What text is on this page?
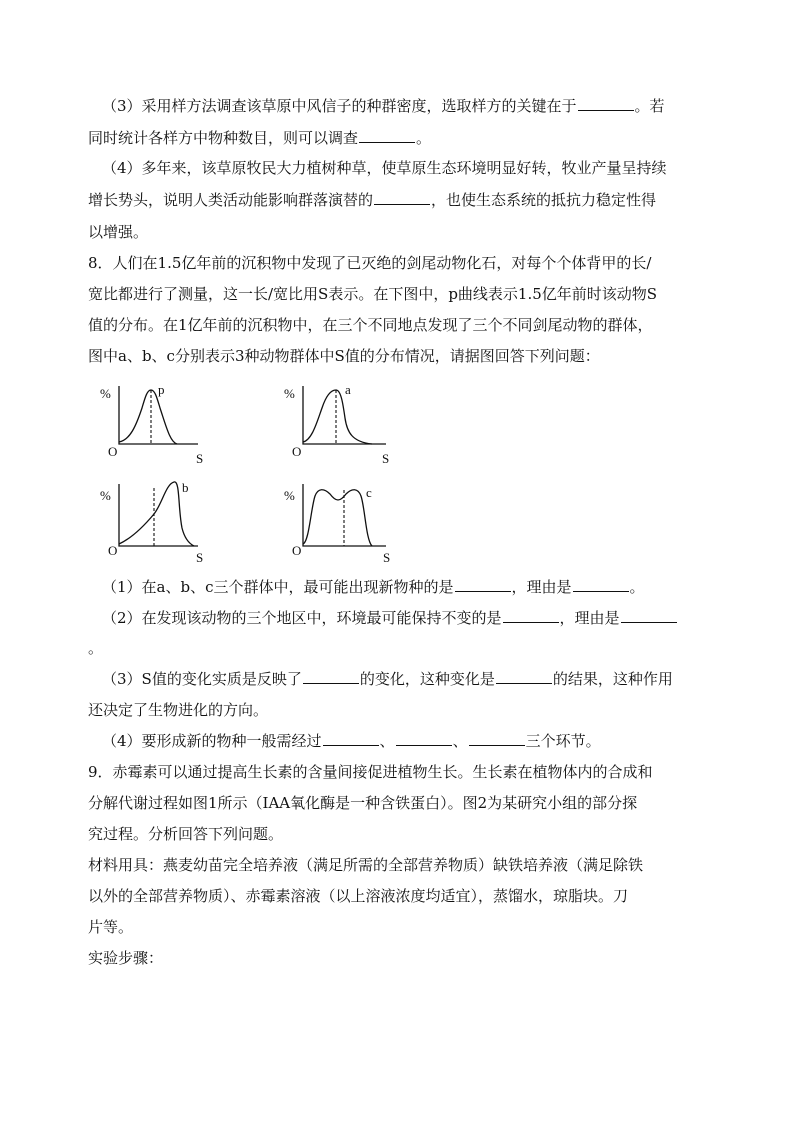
（3）采用样方法调查该草原中风信子的种群密度，选取样方的关键在于	。若
同时统计各样方中物种数目，则可以调查	。
（4）多年来，该草原牧民大力植树种草，使草原生态环境明显好转，牧业产量呈持续
增长势头，说明人类活动能影响群落演替的	，也使生态系统的抵抗力稳定性得
以增强。
8．人们在1.5亿年前的沉积物中发现了已灭绝的剑尾动物化石，对每个个体背甲的长/
宽比都进行了测量，这一长/宽比用S表示。在下图中，p曲线表示1.5亿年前时该动物S
值的分布。在1亿年前的沉积物中，在三个不同地点发现了三个不同剑尾动物的群体，
图中a、b、c分别表示3种动物群体中S值的分布情况，请据图回答下列问题：
%
O	S
p	%
O	S
a
%
O	S
b
%
O	S
c
（1）在a、b、c三个群体中，最可能出现新物种的是	，理由是	。
（2）在发现该动物的三个地区中，环境最可能保持不变的是	，理由是
。
（3）S值的变化实质是反映了	的变化，这种变化是	的结果，这种作用
还决定了生物进化的方向。
（4）要形成新的物种一般需经过	、	、	三个环节。
9．赤霉素可以通过提高生长素的含量间接促进植物生长。生长素在植物体内的合成和
分解代谢过程如图1所示（IAA氧化酶是一种含铁蛋白）。图2为某研究小组的部分探
究过程。分析回答下列问题。
材料用具：燕麦幼苗完全培养液（满足所需的全部营养物质）缺铁培养液（满足除铁
以外的全部营养物质）、赤霉素溶液（以上溶液浓度均适宜），蒸馏水，琼脂块。刀
片等。
实验步骤：
